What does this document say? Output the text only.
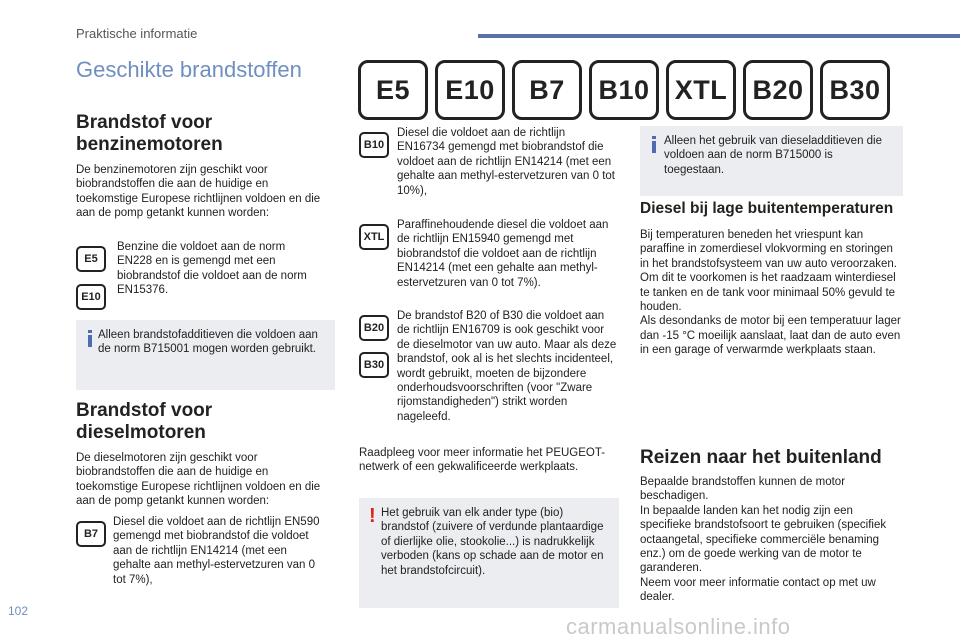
Praktische informatie
Geschikte brandstoffen
E5	E10	B7	B10 XTL B20 B30
Brandstof voor
benzinemotoren
De benzinemotoren zijn geschikt voor biobrandstoffen die aan de huidige en toekomstige Europese richtlijnen voldoen en die aan de pomp getankt kunnen worden:
E5
E10
Benzine die voldoet aan de norm EN228 en is gemengd met een biobrandstof die voldoet aan de norm EN15376.
Alleen brandstofadditieven die voldoen aan de norm B715001 mogen worden gebruikt.
Brandstof voor
dieselmotoren
De dieselmotoren zijn geschikt voor biobrandstoffen die aan de huidige en toekomstige Europese richtlijnen voldoen en die aan de pomp getankt kunnen worden:
B7
Diesel die voldoet aan de richtlijn EN590 gemengd met biobrandstof die voldoet aan de richtlijn EN14214 (met een gehalte aan methyl-estervetzuren van 0 tot 7%),
B10
Diesel die voldoet aan de richtlijn EN16734 gemengd met biobrandstof die voldoet aan de richtlijn EN14214 (met een gehalte aan methyl-estervetzuren van 0 tot 10%),
XTL
Paraffinehoudende diesel die voldoet aan de richtlijn EN15940 gemengd met biobrandstof die voldoet aan de richtlijn EN14214 (met een gehalte aan methyl-estervetzuren van 0 tot 7%).
B20
B30
De brandstof B20 of B30 die voldoet aan de richtlijn EN16709 is ook geschikt voor de dieselmotor van uw auto. Maar als deze brandstof, ook al is het slechts incidenteel, wordt gebruikt, moeten de bijzondere onderhoudsvoorschriften (voor "Zware rijomstandigheden") strikt worden nageleefd.
Raadpleeg voor meer informatie het PEUGEOT-netwerk of een gekwalificeerde werkplaats.
! Het gebruik van elk ander type (bio) brandstof (zuivere of verdunde plantaardige of dierlijke olie, stookolie...) is nadrukkelijk verboden (kans op schade aan de motor en het brandstofcircuit).
Alleen het gebruik van dieseladditieven die voldoen aan de norm B715000 is toegestaan.
Diesel bij lage buitentemperaturen
Bij temperaturen beneden het vriespunt kan paraffine in zomerdiesel vlokvorming en storingen in het brandstofsysteem van uw auto veroorzaken. Om dit te voorkomen is het raadzaam winterdiesel te tanken en de tank voor minimaal 50% gevuld te houden.
Als desondanks de motor bij een temperatuur lager dan -15 °C moeilijk aanslaat, laat dan de auto even in een garage of verwarmde werkplaats staan.
Reizen naar het buitenland
Bepaalde brandstoffen kunnen de motor beschadigen.
In bepaalde landen kan het nodig zijn een specifieke brandstofsoort te gebruiken (specifiek octaangetal, specifieke commerciële benaming enz.) om de goede werking van de motor te garanderen.
Neem voor meer informatie contact op met uw dealer.
102
carmanualsonline.info
